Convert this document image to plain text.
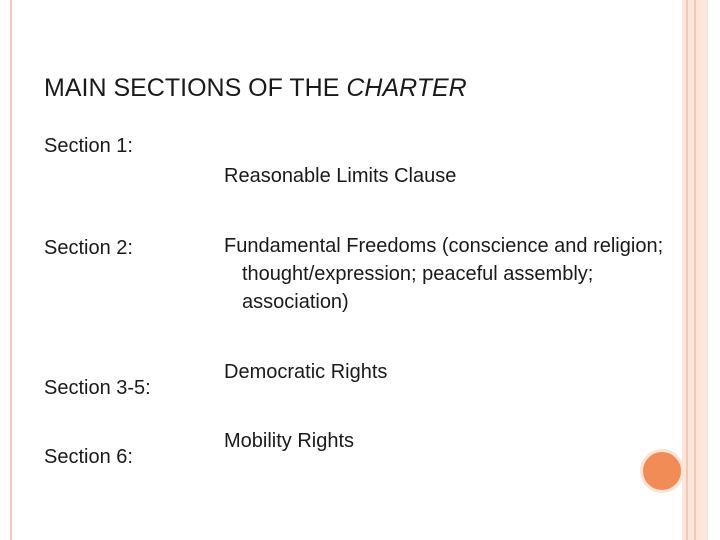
MAIN SECTIONS OF THE CHARTER
Section 1:
Reasonable Limits Clause
Section 2:	Fundamental Freedoms (conscience and religion; thought/expression; peaceful assembly; association)
Section 3-5:
Democratic Rights
Section 6:
Mobility Rights
